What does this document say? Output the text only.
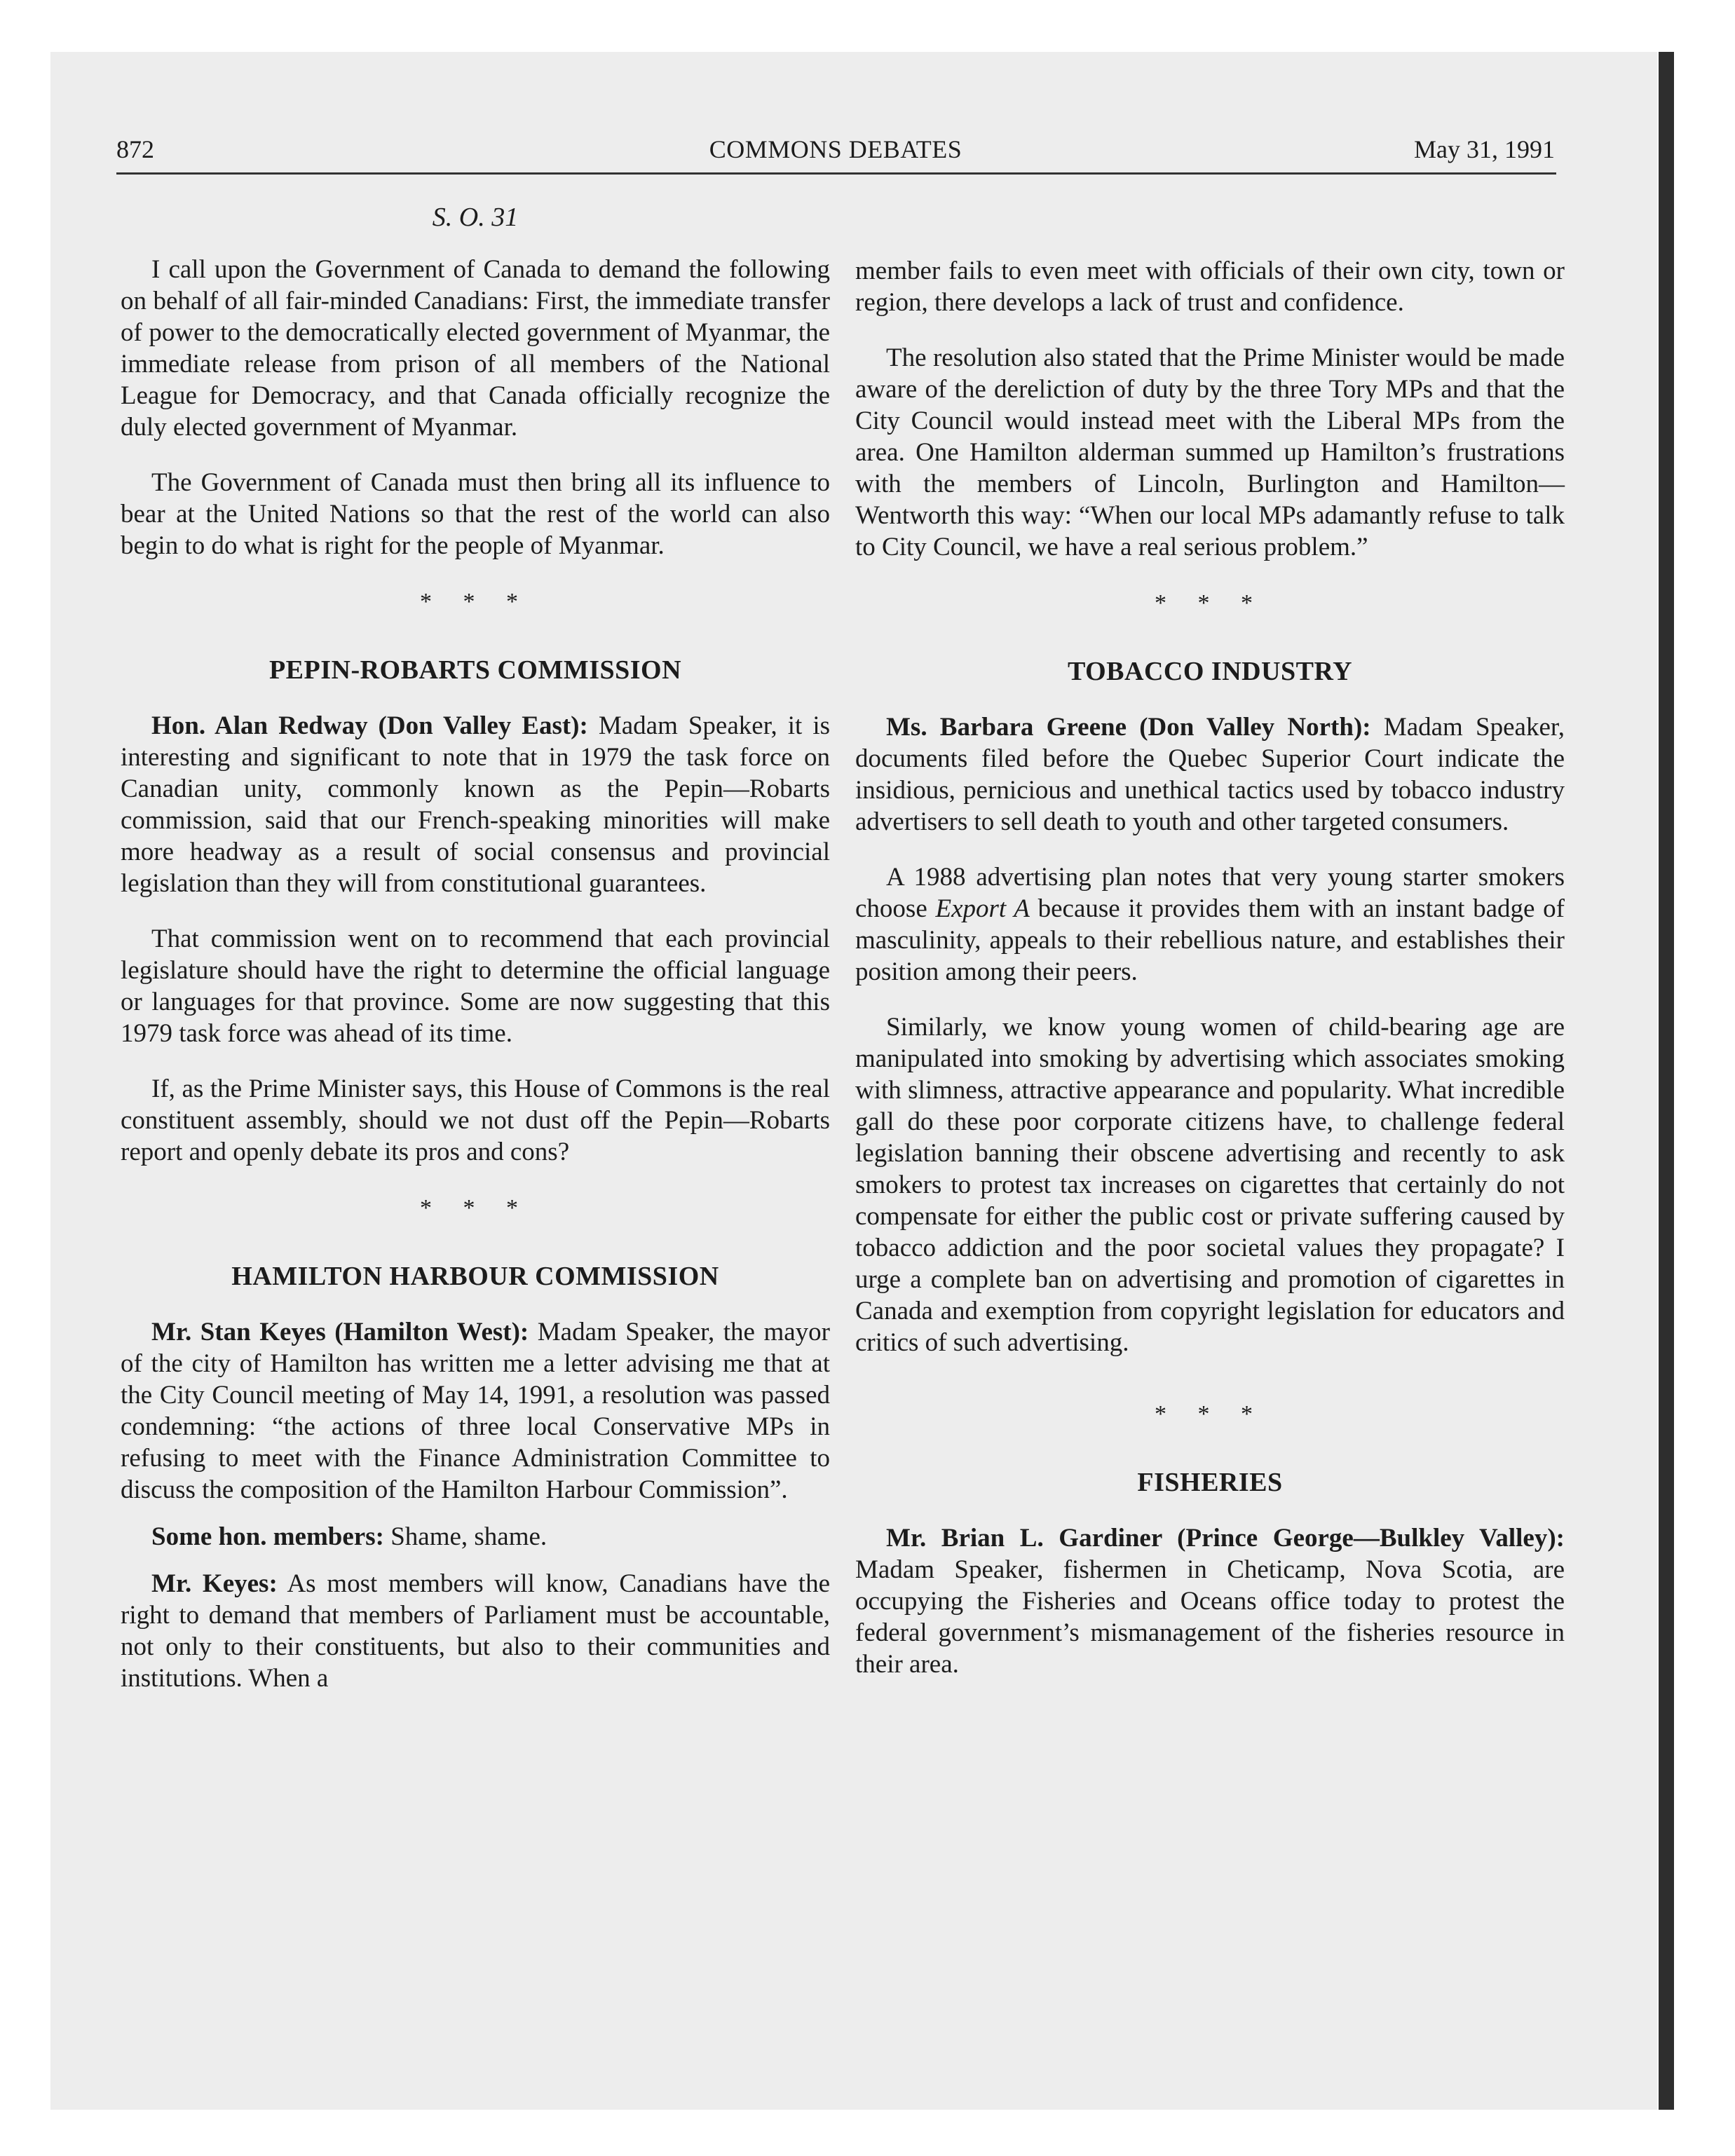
872	COMMONS DEBATES	May 31, 1991
S. O. 31

I call upon the Government of Canada to demand the following on behalf of all fair-minded Canadians: First, the immediate transfer of power to the democratically elected government of Myanmar, the immediate release from prison of all members of the National League for Democracy, and that Canada officially recognize the duly elected government of Myanmar.

The Government of Canada must then bring all its influence to bear at the United Nations so that the rest of the world can also begin to do what is right for the people of Myanmar.

* * *
PEPIN-ROBARTS COMMISSION

Hon. Alan Redway (Don Valley East): Madam Speaker, it is interesting and significant to note that in 1979 the task force on Canadian unity, commonly known as the Pepin—Robarts commission, said that our French-speaking minorities will make more headway as a result of social consensus and provincial legislation than they will from constitutional guarantees.

That commission went on to recommend that each provincial legislature should have the right to determine the official language or languages for that province. Some are now suggesting that this 1979 task force was ahead of its time.

If, as the Prime Minister says, this House of Commons is the real constituent assembly, should we not dust off the Pepin—Robarts report and openly debate its pros and cons?

* * *
HAMILTON HARBOUR COMMISSION

Mr. Stan Keyes (Hamilton West): Madam Speaker, the mayor of the city of Hamilton has written me a letter advising me that at the City Council meeting of May 14, 1991, a resolution was passed condemning: “the actions of three local Conservative MPs in refusing to meet with the Finance Administration Committee to discuss the composition of the Hamilton Harbour Commission”.

Some hon. members: Shame, shame.

Mr. Keyes: As most members will know, Canadians have the right to demand that members of Parliament must be accountable, not only to their constituents, but also to their communities and institutions. When a

member fails to even meet with officials of their own city, town or region, there develops a lack of trust and confidence.

The resolution also stated that the Prime Minister would be made aware of the dereliction of duty by the three Tory MPs and that the City Council would instead meet with the Liberal MPs from the area. One Hamilton alderman summed up Hamilton’s frustrations with the members of Lincoln, Burlington and Hamilton—Wentworth this way: “When our local MPs adamantly refuse to talk to City Council, we have a real serious problem.”

* * *
TOBACCO INDUSTRY

Ms. Barbara Greene (Don Valley North): Madam Speaker, documents filed before the Quebec Superior Court indicate the insidious, pernicious and unethical tactics used by tobacco industry advertisers to sell death to youth and other targeted consumers.

A 1988 advertising plan notes that very young starter smokers choose Export A because it provides them with an instant badge of masculinity, appeals to their rebellious nature, and establishes their position among their peers.

Similarly, we know young women of child-bearing age are manipulated into smoking by advertising which associates smoking with slimness, attractive appearance and popularity. What incredible gall do these poor corporate citizens have, to challenge federal legislation banning their obscene advertising and recently to ask smokers to protest tax increases on cigarettes that certainly do not compensate for either the public cost or private suffering caused by tobacco addiction and the poor societal values they propagate? I urge a complete ban on advertising and promotion of cigarettes in Canada and exemption from copyright legislation for educators and critics of such advertising.

* * *
FISHERIES

Mr. Brian L. Gardiner (Prince George—Bulkley Valley): Madam Speaker, fishermen in Cheticamp, Nova Scotia, are occupying the Fisheries and Oceans office today to protest the federal government’s mismanagement of the fisheries resource in their area.
